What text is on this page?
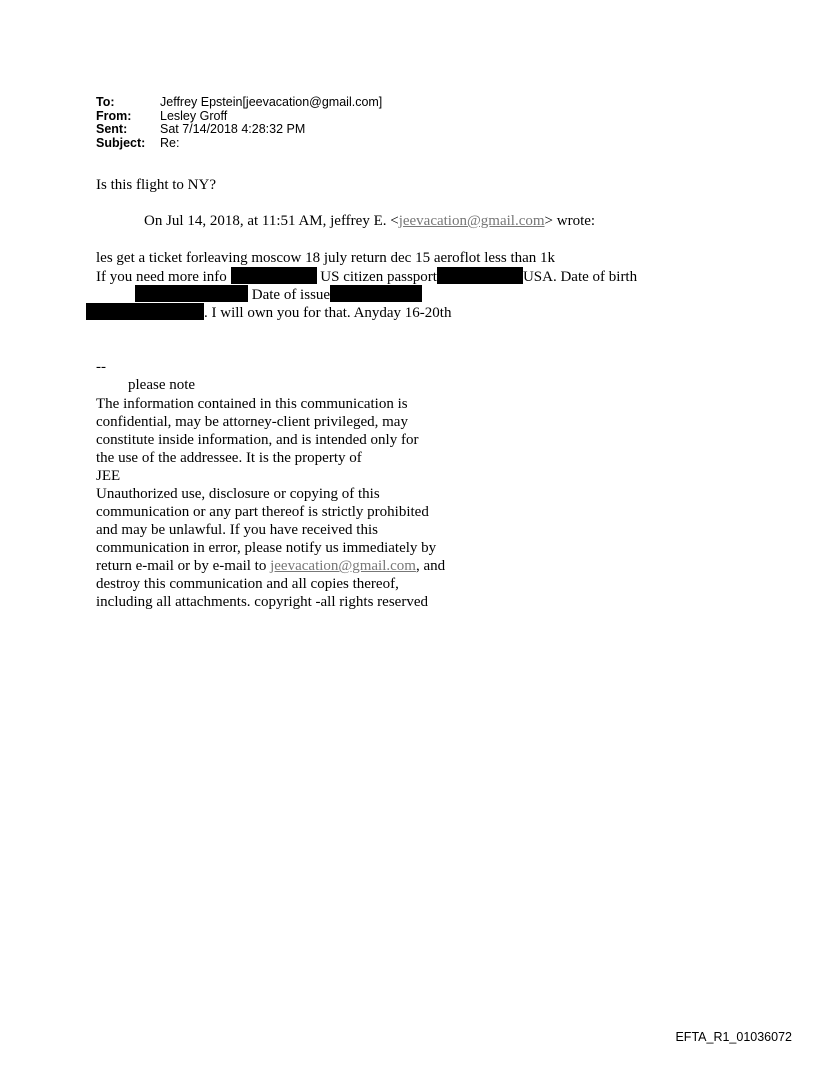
To:	Jeffrey Epstein[jeevacation@gmail.com]
From:	Lesley Groff
Sent:	Sat 7/14/2018 4:28:32 PM
Subject:	Re:
Is this flight to NY?
On Jul 14, 2018, at 11:51 AM, jeffrey E. <jeevacation@gmail.com> wrote:
les get a ticket forleaving moscow 18 july return dec 15 aeroflot less than 1k
If you need more info	US citizen passport	USA. Date of birth
Date of issue
. I will own you for that. Anyday 16-20th
--
please note
The information contained in this communication is
confidential, may be attorney-client privileged, may
constitute inside information, and is intended only for
the use of the addressee. It is the property of
JEE
Unauthorized use, disclosure or copying of this
communication or any part thereof is strictly prohibited
and may be unlawful. If you have received this
communication in error, please notify us immediately by
return e-mail or by e-mail to jeevacation@gmail.com, and
destroy this communication and all copies thereof,
including all attachments. copyright -all rights reserved
EFTA_R1_01036072
